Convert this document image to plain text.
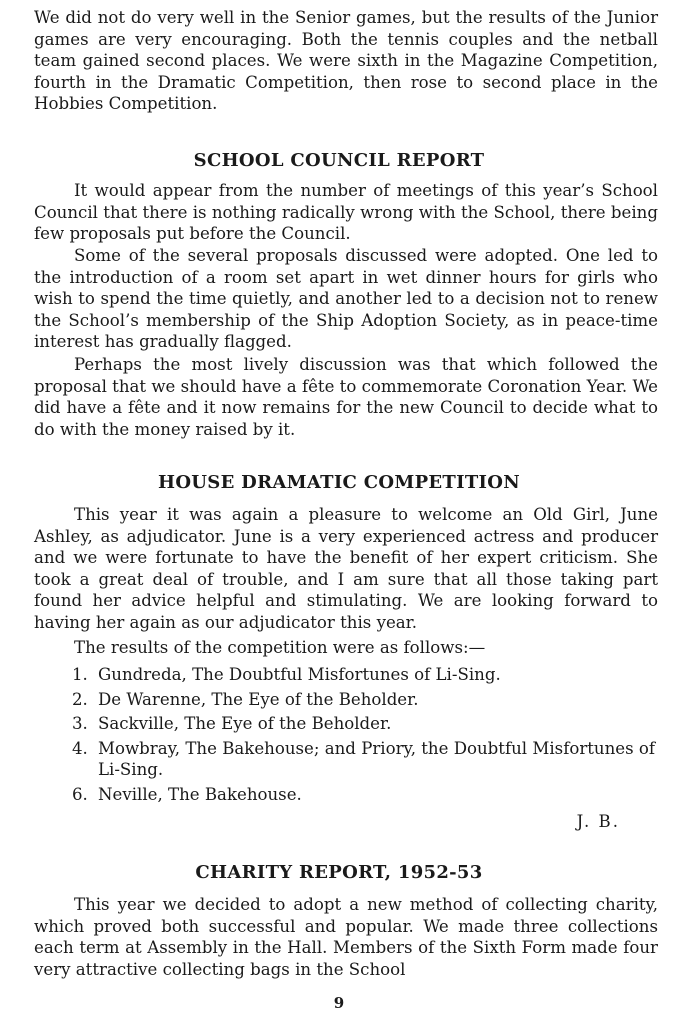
We did not do very well in the Senior games, but the results of the Junior games are very encouraging. Both the tennis couples and the netball team gained second places. We were sixth in the Magazine Competition, fourth in the Dramatic Competition, then rose to second place in the Hobbies Competition.

SCHOOL COUNCIL REPORT

It would appear from the number of meetings of this year’s School Council that there is nothing radically wrong with the School, there being few proposals put before the Council.

Some of the several proposals discussed were adopted. One led to the introduction of a room set apart in wet dinner hours for girls who wish to spend the time quietly, and another led to a decision not to renew the School’s membership of the Ship Adoption Society, as in peace-time interest has gradually flagged.

Perhaps the most lively discussion was that which followed the proposal that we should have a fête to commemorate Coronation Year. We did have a fête and it now remains for the new Council to decide what to do with the money raised by it.

HOUSE DRAMATIC COMPETITION

This year it was again a pleasure to welcome an Old Girl, June Ashley, as adjudicator. June is a very experienced actress and producer and we were fortunate to have the benefit of her expert criticism. She took a great deal of trouble, and I am sure that all those taking part found her advice helpful and stimulating. We are looking forward to having her again as our adjudicator this year.

The results of the competition were as follows:—

1. Gundreda, The Doubtful Misfortunes of Li-Sing.
2. De Warenne, The Eye of the Beholder.
3. Sackville, The Eye of the Beholder.
4. Mowbray, The Bakehouse; and Priory, the Doubtful Misfortunes of Li-Sing.
6. Neville, The Bakehouse.
J. B.
CHARITY REPORT, 1952-53

This year we decided to adopt a new method of collecting charity, which proved both successful and popular. We made three collections each term at Assembly in the Hall. Members of the Sixth Form made four very attractive collecting bags in the School

9
